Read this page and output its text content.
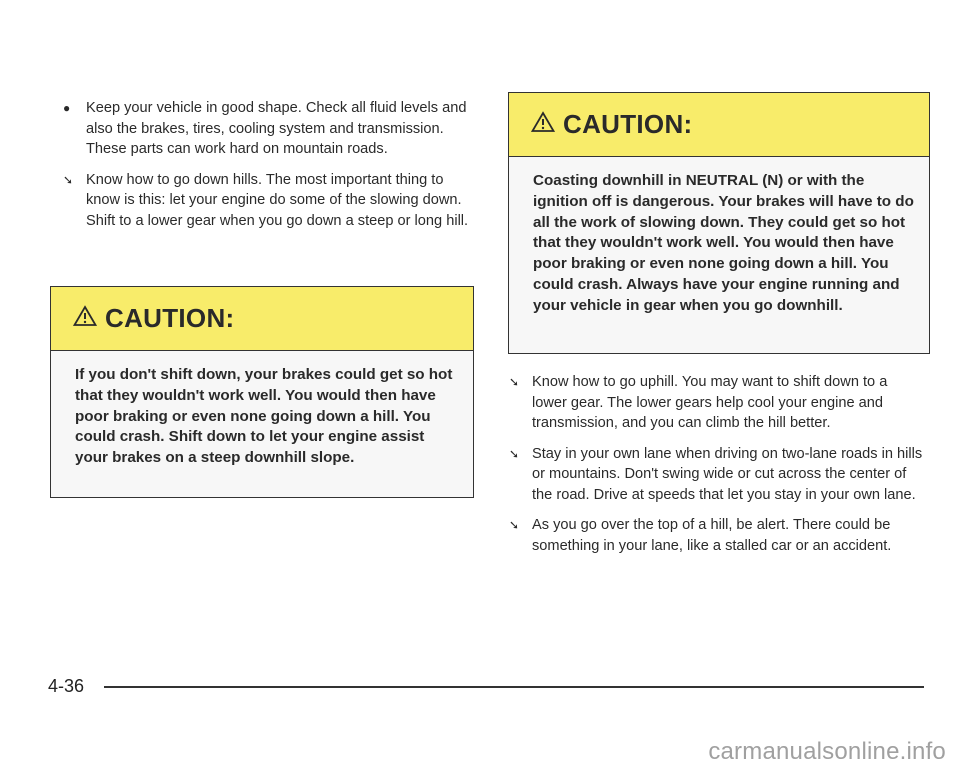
● Keep your vehicle in good shape. Check all fluid levels and also the brakes, tires, cooling system and transmission. These parts can work hard on mountain roads.
➘ Know how to go down hills. The most important thing to know is this: let your engine do some of the slowing down. Shift to a lower gear when you go down a steep or long hill.
CAUTION:
If you don't shift down, your brakes could get so hot that they wouldn't work well. You would then have poor braking or even none going down a hill. You could crash. Shift down to let your engine assist your brakes on a steep downhill slope.
CAUTION:
Coasting downhill in NEUTRAL (N) or with the ignition off is dangerous. Your brakes will have to do all the work of slowing down. They could get so hot that they wouldn't work well. You would then have poor braking or even none going down a hill. You could crash. Always have your engine running and your vehicle in gear when you go downhill.
➘ Know how to go uphill. You may want to shift down to a lower gear. The lower gears help cool your engine and transmission, and you can climb the hill better.
➘ Stay in your own lane when driving on two-lane roads in hills or mountains. Don't swing wide or cut across the center of the road. Drive at speeds that let you stay in your own lane.
➘ As you go over the top of a hill, be alert. There could be something in your lane, like a stalled car or an accident.
4-36
carmanualsonline.info
